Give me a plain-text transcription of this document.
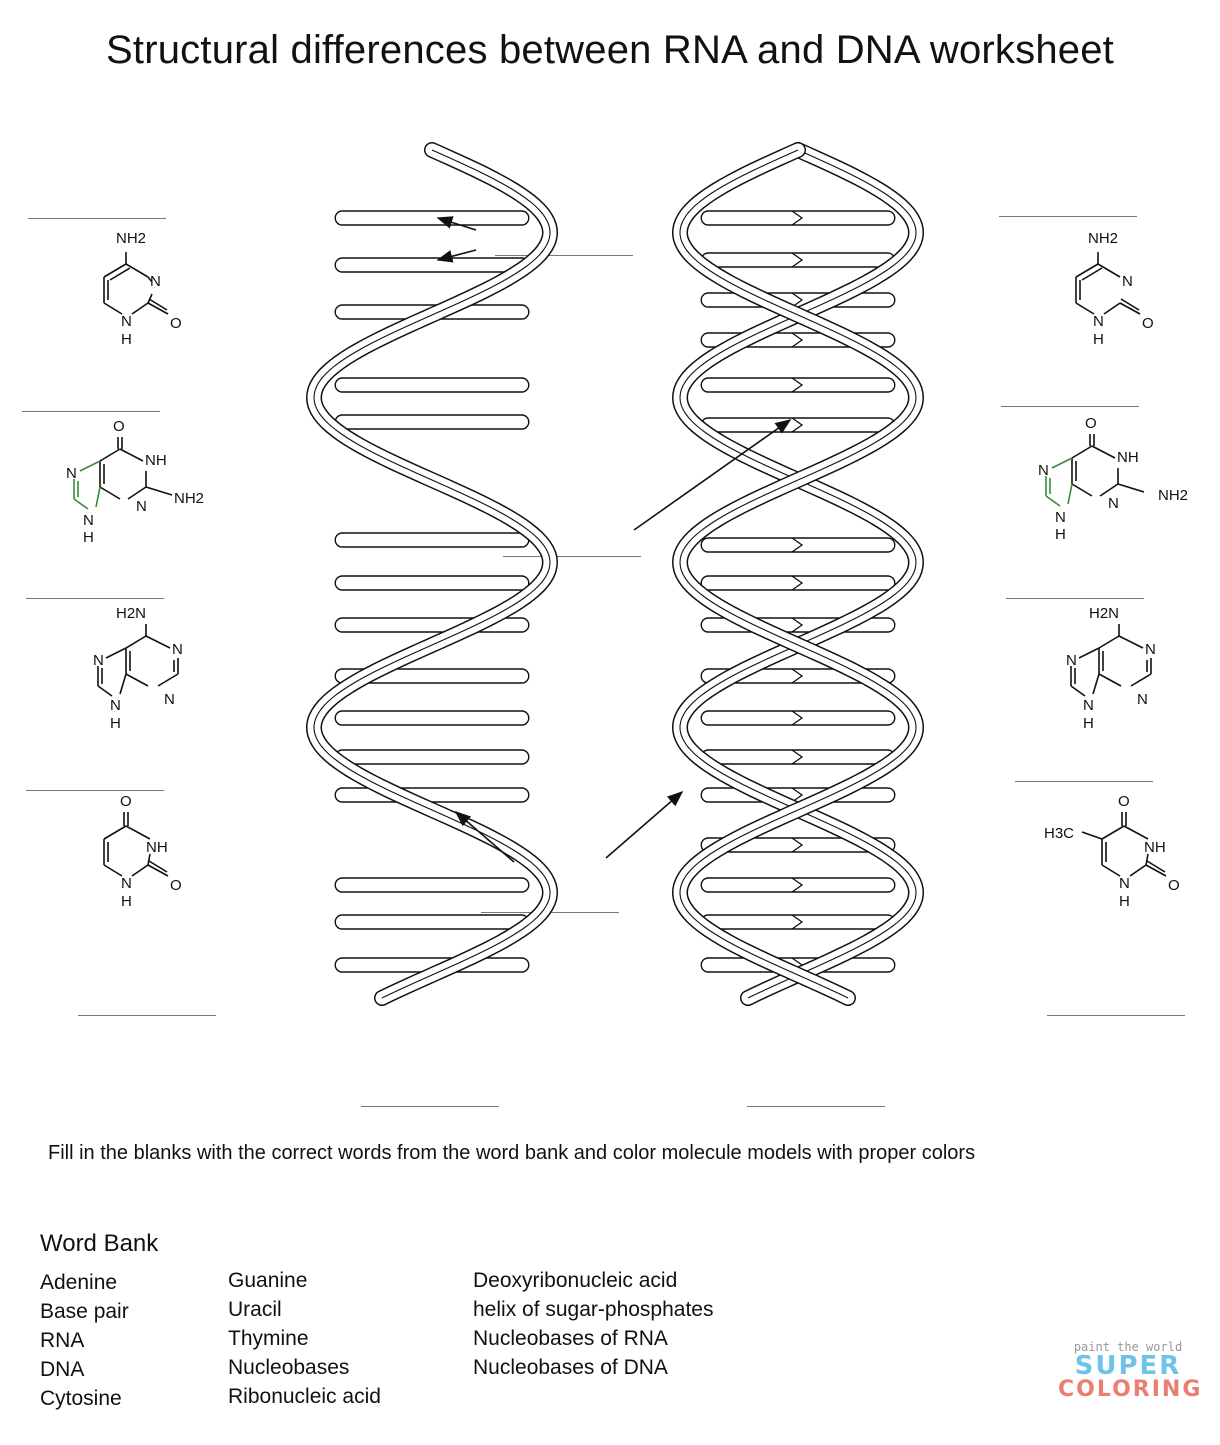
Structural differences between RNA and DNA worksheet
NH2
N
N
H
O
NH2
N
N
H
O
O
NH
N
N NH2
N
H
O
NH
N
N	NH2
N
H
H2N
N
N
N
N
H
H2N
N
N
N
N
H
O
NH
N
H
O
O
H3C
NH
N
H
O
Fill in the blanks with the correct words from the word bank and color molecule models with proper colors
Word Bank
Adenine
Base pair
RNA
DNA
Cytosine
Guanine
Uracil
Thymine
Nucleobases
Ribonucleic acid
Deoxyribonucleic acid
helix of sugar-phosphates
Nucleobases of RNA
Nucleobases of DNA
paint the world
SUPER
COLORING
